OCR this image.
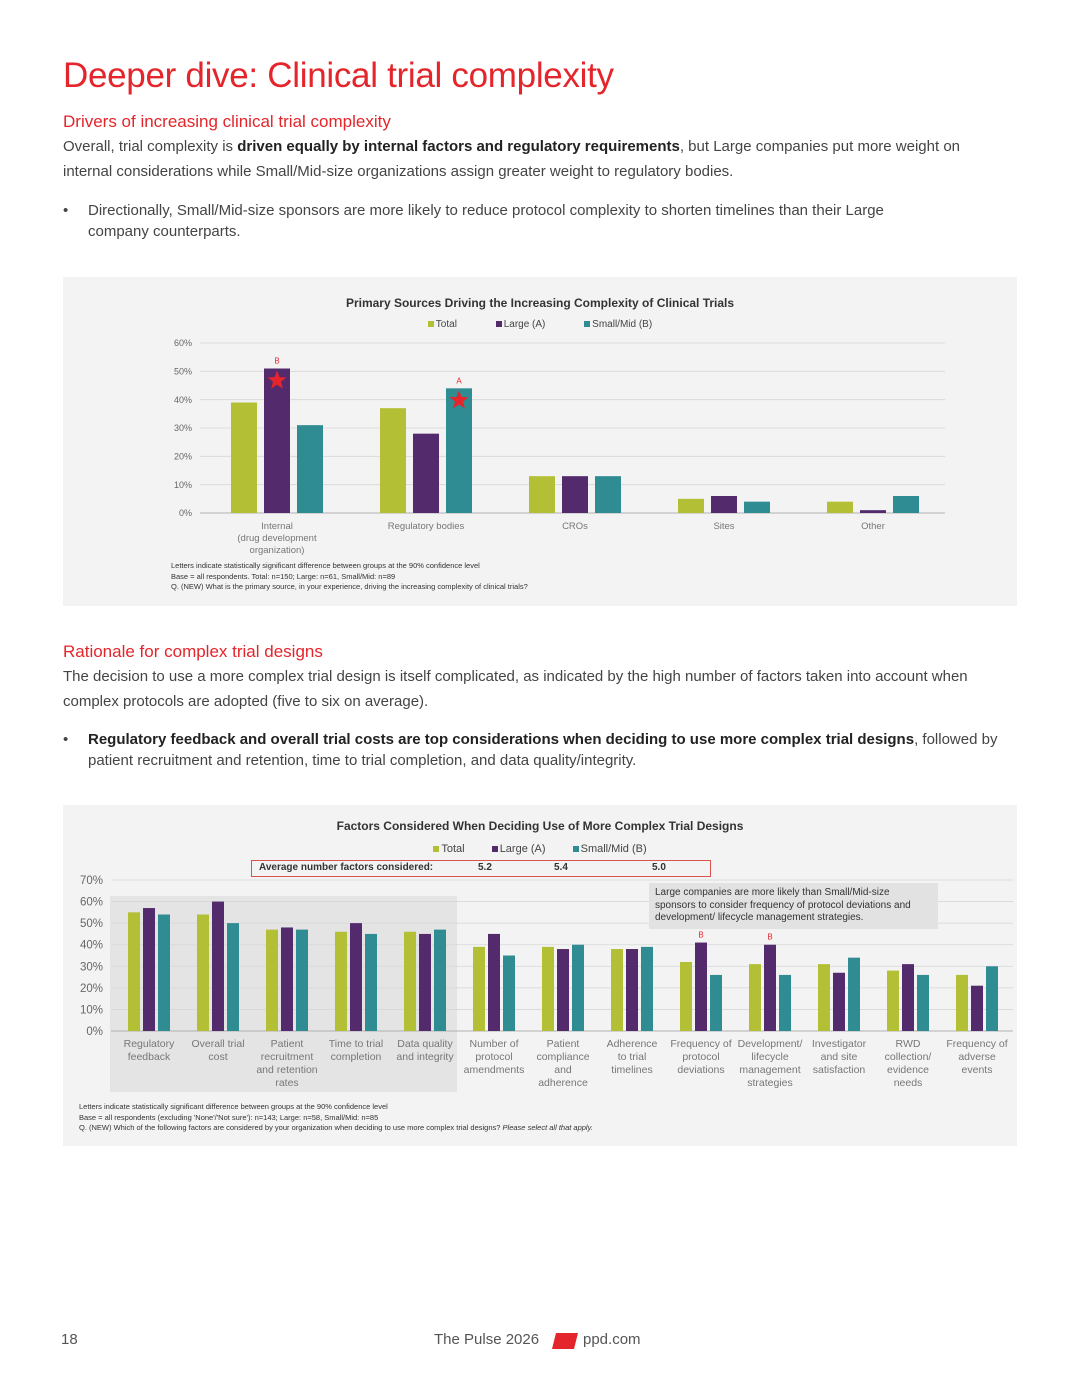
Deeper dive: Clinical trial complexity
Drivers of increasing clinical trial complexity
Overall, trial complexity is driven equally by internal factors and regulatory requirements, but Large companies put more weight on internal considerations while Small/Mid-size organizations assign greater weight to regulatory bodies.
• Directionally, Small/Mid-size sponsors are more likely to reduce protocol complexity to shorten timelines than their Large company counterparts.
Primary Sources Driving the Increasing Complexity of Clinical Trials
Total	Large (A)	Small/Mid (B)
0%
10%
20%
30%
40%
50%
60%
Internal
(drug development
organization)
Regulatory bodies	CROs	Sites	Other
B
A
Letters indicate statistically significant difference between groups at the 90% confidence level
Base = all respondents. Total: n=150; Large: n=61, Small/Mid: n=89
Q. (NEW) What is the primary source, in your experience, driving the increasing complexity of clinical trials?
Rationale for complex trial designs
The decision to use a more complex trial design is itself complicated, as indicated by the high number of factors taken into account when complex protocols are adopted (five to six on average).
• Regulatory feedback and overall trial costs are top considerations when deciding to use more complex trial designs, followed by patient recruitment and retention, time to trial completion, and data quality/integrity.
Factors Considered When Deciding Use of More Complex Trial Designs
Total	Large (A)	Small/Mid (B)
Average number factors considered:	5.2	5.4	5.0
0%
10%
20%
30%
40%
50%
60%
70%
Regulatory
feedback
Overall trial
cost
Patient
recruitment
and retention
rates
Time to trial
completion
Data quality
and integrity
Number of
protocol
amendments
Patient
compliance
and
adherence
Adherence
to trial
timelines
Frequency of
protocol
deviations
Development/
lifecycle
management
strategies
Investigator
and site
satisfaction
RWD
collection/
evidence
needs
Frequency of
adverse
events
B	B
Large companies are more likely than Small/Mid-size sponsors to consider frequency of protocol deviations and development/ lifecycle management strategies.
Letters indicate statistically significant difference between groups at the 90% confidence level
Base = all respondents (excluding 'None'/'Not sure'): n=143; Large: n=58, Small/Mid: n=85
Q. (NEW) Which of the following factors are considered by your organization when deciding to use more complex trial designs? Please select all that apply.
18	The Pulse 2026	ppd.com
